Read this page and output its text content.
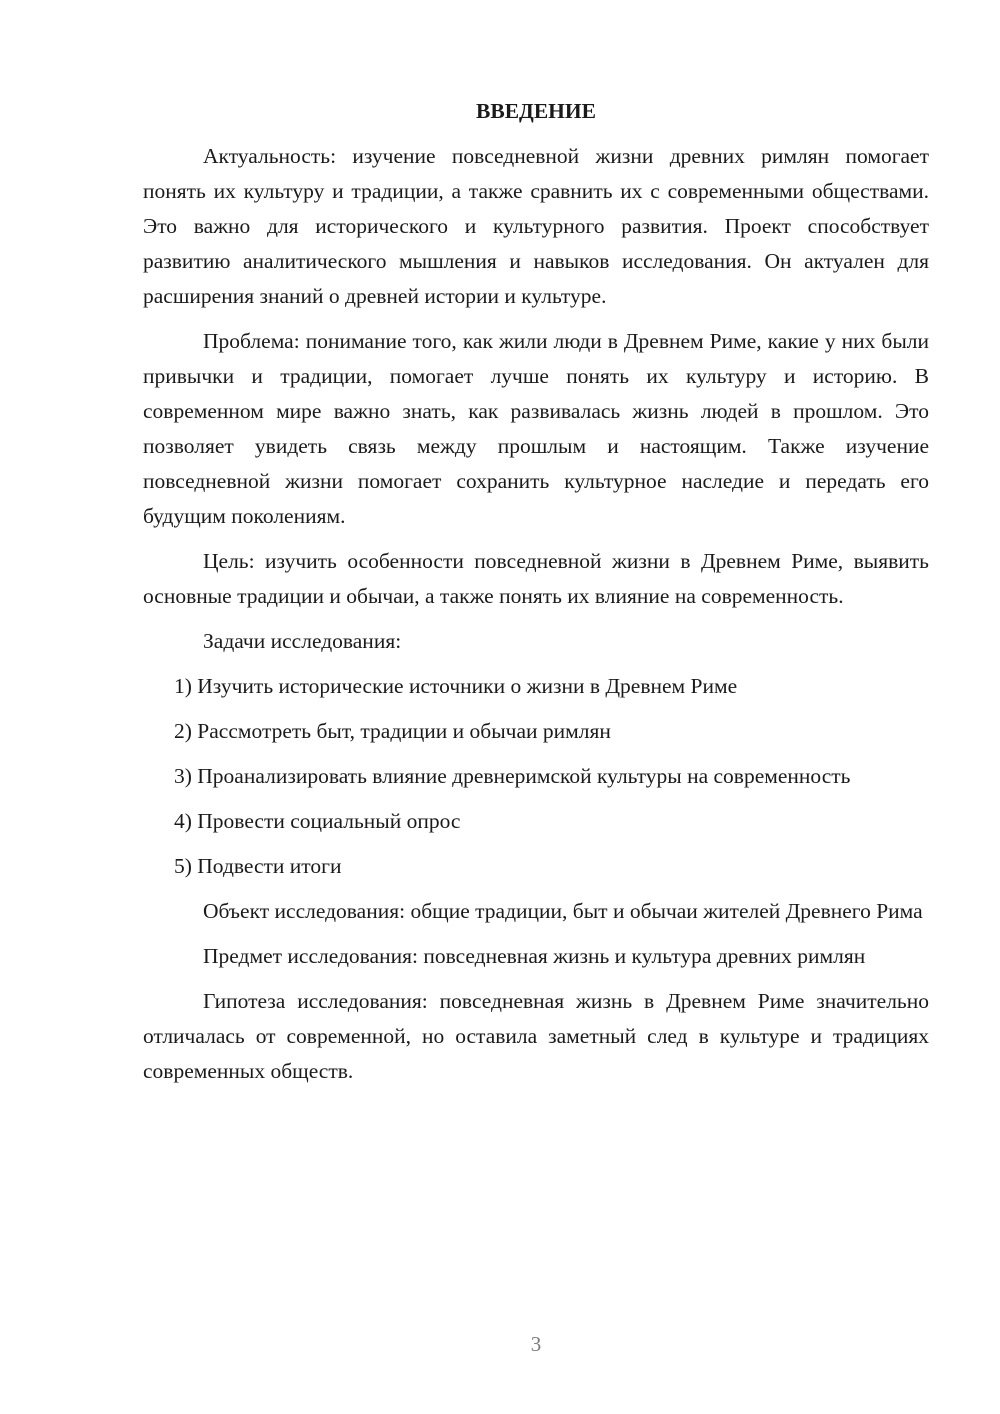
ВВЕДЕНИЕ

Актуальность: изучение повседневной жизни древних римлян помогает понять их культуру и традиции, а также сравнить их с современными обществами. Это важно для исторического и культурного развития. Проект способствует развитию аналитического мышления и навыков исследования. Он актуален для расширения знаний о древней истории и культуре.

Проблема: понимание того, как жили люди в Древнем Риме, какие у них были привычки и традиции, помогает лучше понять их культуру и историю. В современном мире важно знать, как развивалась жизнь людей в прошлом. Это позволяет увидеть связь между прошлым и настоящим. Также изучение повседневной жизни помогает сохранить культурное наследие и передать его будущим поколениям.

Цель: изучить особенности повседневной жизни в Древнем Риме, выявить основные традиции и обычаи, а также понять их влияние на современность.

Задачи исследования:

1) Изучить исторические источники о жизни в Древнем Риме

2) Рассмотреть быт, традиции и обычаи римлян

3) Проанализировать влияние древнеримской культуры на современность

4) Провести социальный опрос

5) Подвести итоги

Объект исследования: общие традиции, быт и обычаи жителей Древнего Рима

Предмет исследования: повседневная жизнь и культура древних римлян

Гипотеза исследования: повседневная жизнь в Древнем Риме значительно отличалась от современной, но оставила заметный след в культуре и традициях современных обществ.

3
